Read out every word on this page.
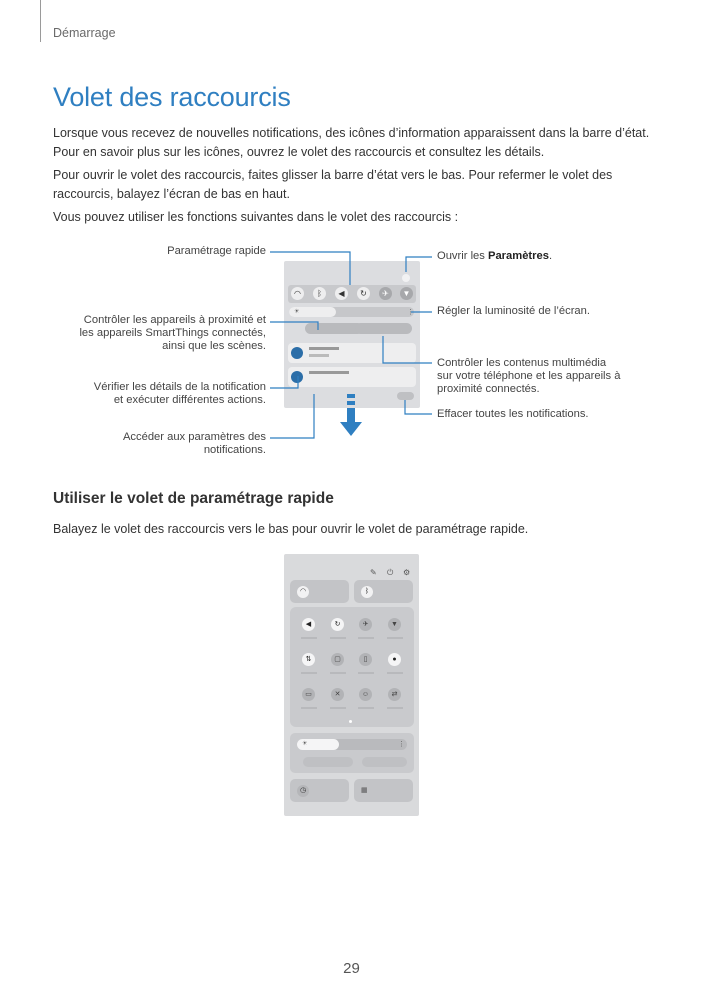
Démarrage
Volet des raccourcis

Lorsque vous recevez de nouvelles notifications, des icônes d’information apparaissent dans la barre d’état. Pour en savoir plus sur les icônes, ouvrez le volet des raccourcis et consultez les détails.

Pour ouvrir le volet des raccourcis, faites glisser la barre d’état vers le bas. Pour refermer le volet des raccourcis, balayez l’écran de bas en haut.

Vous pouvez utiliser les fonctions suivantes dans le volet des raccourcis :

◠	ᛒ	◀	↻	✈	▼
☀	⋮
Paramétrage rapide	Ouvrir les Paramètres.
Régler la luminosité de l’écran.
Contrôler les appareils à proximité et
les appareils SmartThings connectés,
ainsi que les scènes.
Contrôler les contenus multimédia
sur votre téléphone et les appareils à
proximité connectés.
Vérifier les détails de la notification
et exécuter différentes actions.
Effacer toutes les notifications.
Accéder aux paramètres des
notifications.
Utiliser le volet de paramétrage rapide

Balayez le volet des raccourcis vers le bas pour ouvrir le volet de paramétrage rapide.

✎ ⏻ ⚙
◠	ᛒ
◀	↻	✈	▼
⇅	▢	▯	●
▭	✕	☺	⇄
☀	⋮
◷	▦
29
